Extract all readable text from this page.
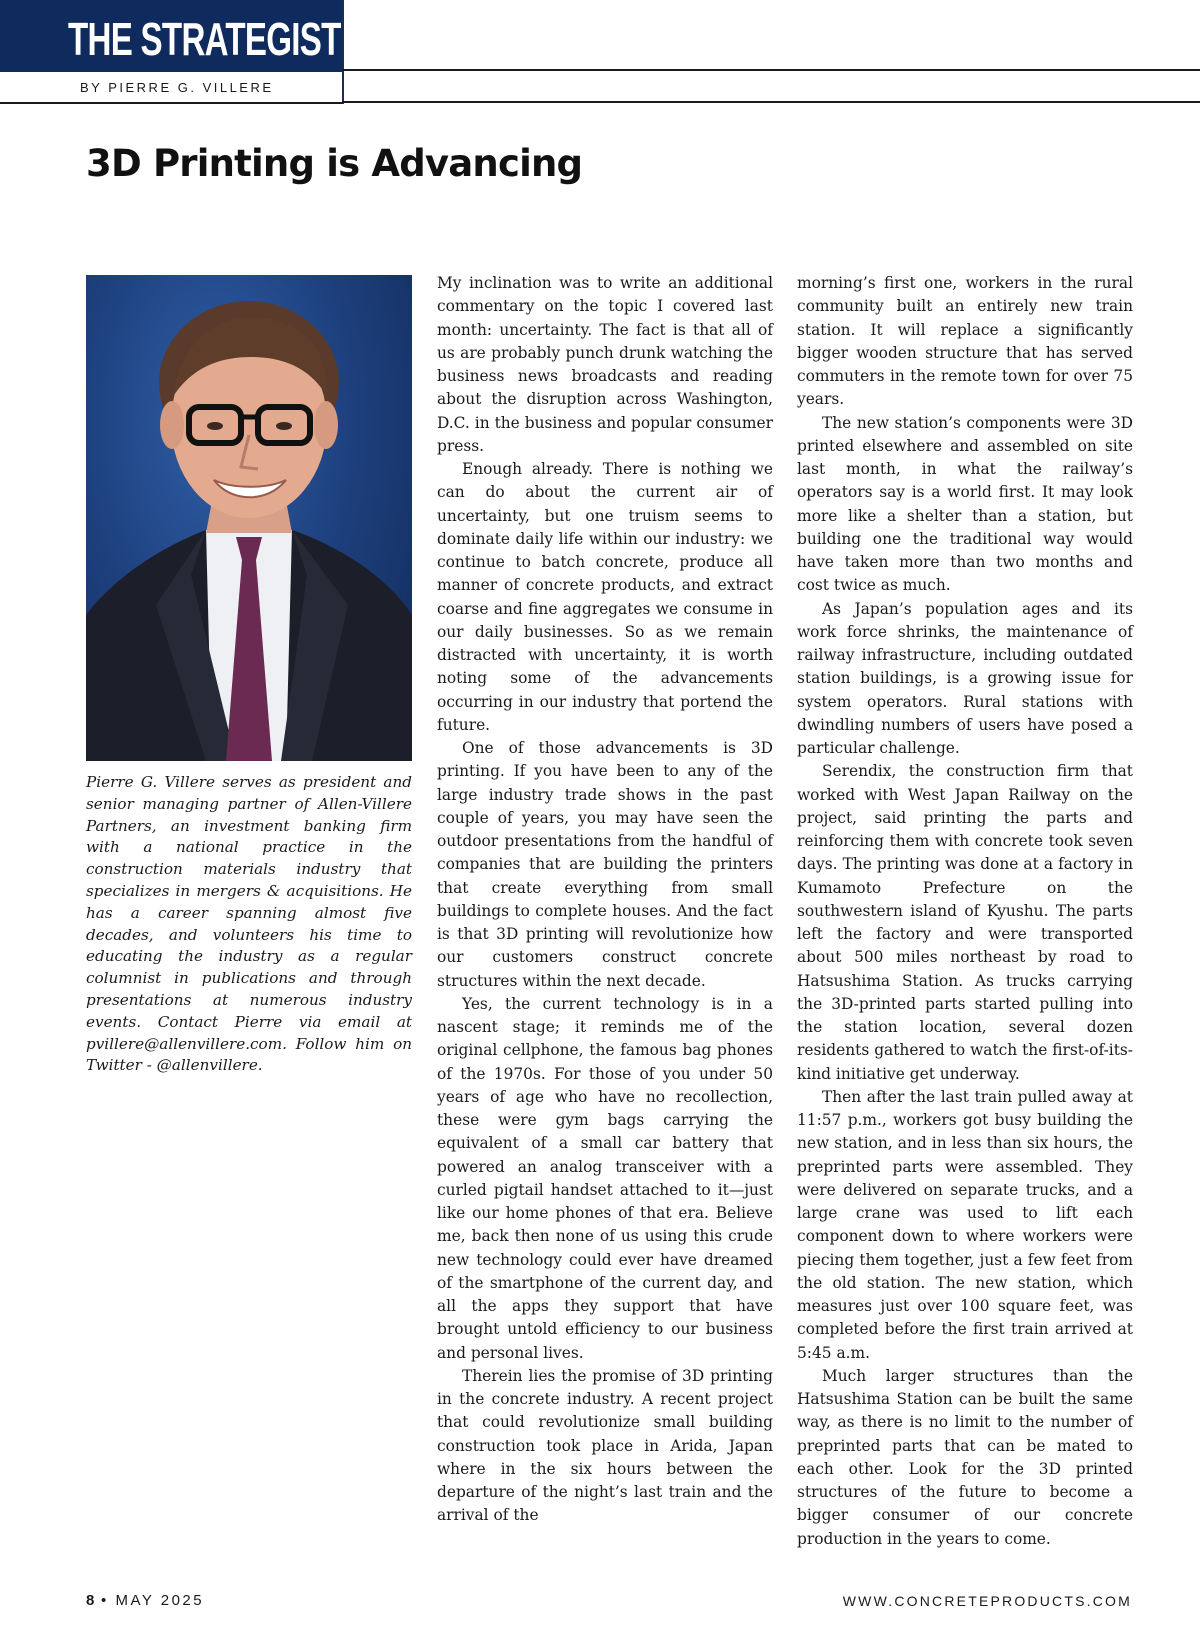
THE STRATEGIST
BY PIERRE G. VILLERE
3D Printing is Advancing

Pierre G. Villere serves as president and senior managing partner of Allen-Villere Partners, an investment banking firm with a national practice in the construction materials industry that specializes in mergers & acquisitions. He has a career spanning almost five decades, and volunteers his time to educating the industry as a regular columnist in publications and through presentations at numerous industry events. Contact Pierre via email at pvillere@allenvillere.com. Follow him on Twitter - @allenvillere.

My inclination was to write an additional commentary on the topic I covered last month: uncertainty. The fact is that all of us are probably punch drunk watching the business news broadcasts and reading about the disruption across Washington, D.C. in the business and popular consumer press.

Enough already. There is nothing we can do about the current air of uncertainty, but one truism seems to dominate daily life within our industry: we continue to batch concrete, produce all manner of concrete products, and extract coarse and fine aggregates we consume in our daily businesses. So as we remain distracted with uncertainty, it is worth noting some of the advancements occurring in our industry that portend the future.

One of those advancements is 3D printing. If you have been to any of the large industry trade shows in the past couple of years, you may have seen the outdoor presentations from the handful of companies that are building the printers that create everything from small buildings to complete houses. And the fact is that 3D printing will revolutionize how our customers construct concrete structures within the next decade.

Yes, the current technology is in a nascent stage; it reminds me of the original cellphone, the famous bag phones of the 1970s. For those of you under 50 years of age who have no recollection, these were gym bags carrying the equivalent of a small car battery that powered an analog transceiver with a curled pigtail handset attached to it—just like our home phones of that era. Believe me, back then none of us using this crude new technology could ever have dreamed of the smartphone of the current day, and all the apps they support that have brought untold efficiency to our business and personal lives.

Therein lies the promise of 3D printing in the concrete industry. A recent project that could revolutionize small building construction took place in Arida, Japan where in the six hours between the departure of the night’s last train and the arrival of the

morning’s first one, workers in the rural community built an entirely new train station. It will replace a significantly bigger wooden structure that has served commuters in the remote town for over 75 years.

The new station’s components were 3D printed elsewhere and assembled on site last month, in what the railway’s operators say is a world first. It may look more like a shelter than a station, but building one the traditional way would have taken more than two months and cost twice as much.

As Japan’s population ages and its work force shrinks, the maintenance of railway infrastructure, including outdated station buildings, is a growing issue for system operators. Rural stations with dwindling numbers of users have posed a particular challenge.

Serendix, the construction firm that worked with West Japan Railway on the project, said printing the parts and reinforcing them with concrete took seven days. The printing was done at a factory in Kumamoto Prefecture on the southwestern island of Kyushu. The parts left the factory and were transported about 500 miles northeast by road to Hatsushima Station. As trucks carrying the 3D-printed parts started pulling into the station location, several dozen residents gathered to watch the first-of-its-kind initiative get underway.

Then after the last train pulled away at 11:57 p.m., workers got busy building the new station, and in less than six hours, the preprinted parts were assembled. They were delivered on separate trucks, and a large crane was used to lift each component down to where workers were piecing them together, just a few feet from the old station. The new station, which measures just over 100 square feet, was completed before the first train arrived at 5:45 a.m.

Much larger structures than the Hatsushima Station can be built the same way, as there is no limit to the number of preprinted parts that can be mated to each other. Look for the 3D printed structures of the future to become a bigger consumer of our concrete production in the years to come.

8 • MAY 2025	WWW.CONCRETEPRODUCTS.COM
